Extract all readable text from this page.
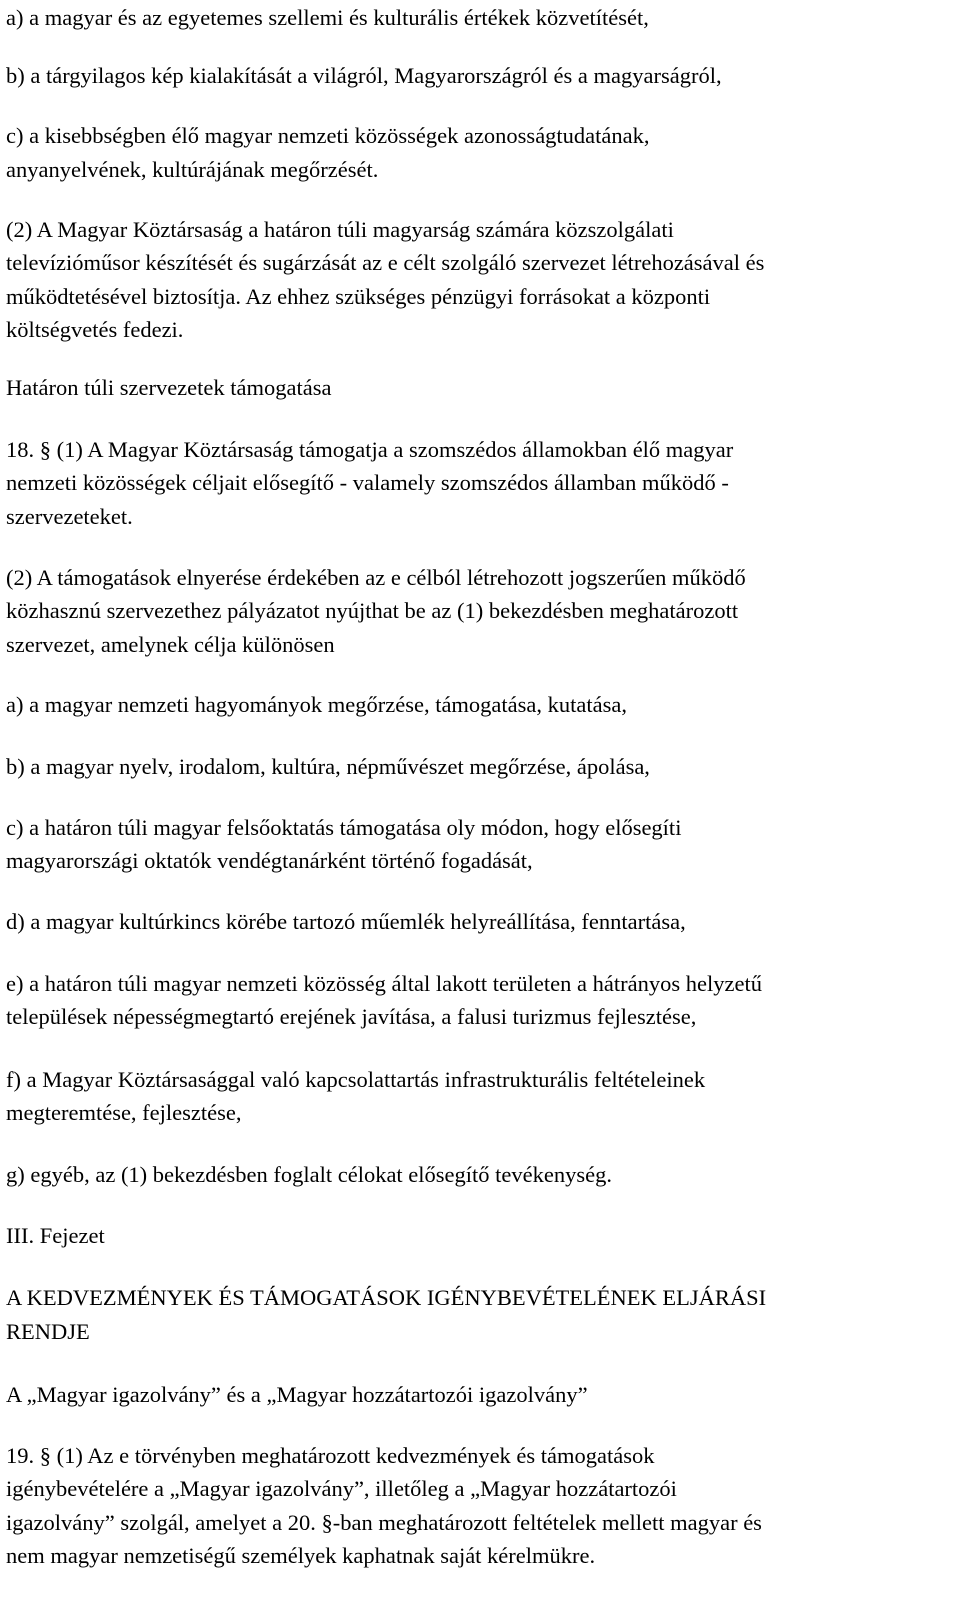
a) a magyar és az egyetemes szellemi és kulturális értékek közvetítését,
b) a tárgyilagos kép kialakítását a világról, Magyarországról és a magyarságról,
c) a kisebbségben élő magyar nemzeti közösségek azonosságtudatának,
anyanyelvének, kultúrájának megőrzését.
(2) A Magyar Köztársaság a határon túli magyarság számára közszolgálati
televízióműsor készítését és sugárzását az e célt szolgáló szervezet létrehozásával és
működtetésével biztosítja. Az ehhez szükséges pénzügyi forrásokat a központi
költségvetés fedezi.
Határon túli szervezetek támogatása
18. § (1) A Magyar Köztársaság támogatja a szomszédos államokban élő magyar
nemzeti közösségek céljait elősegítő - valamely szomszédos államban működő -
szervezeteket.
(2) A támogatások elnyerése érdekében az e célból létrehozott jogszerűen működő
közhasznú szervezethez pályázatot nyújthat be az (1) bekezdésben meghatározott
szervezet, amelynek célja különösen
a) a magyar nemzeti hagyományok megőrzése, támogatása, kutatása,
b) a magyar nyelv, irodalom, kultúra, népművészet megőrzése, ápolása,
c) a határon túli magyar felsőoktatás támogatása oly módon, hogy elősegíti
magyarországi oktatók vendégtanárként történő fogadását,
d) a magyar kultúrkincs körébe tartozó műemlék helyreállítása, fenntartása,
e) a határon túli magyar nemzeti közösség által lakott területen a hátrányos helyzetű
települések népességmegtartó erejének javítása, a falusi turizmus fejlesztése,
f) a Magyar Köztársasággal való kapcsolattartás infrastrukturális feltételeinek
megteremtése, fejlesztése,
g) egyéb, az (1) bekezdésben foglalt célokat elősegítő tevékenység.
III. Fejezet
A KEDVEZMÉNYEK ÉS TÁMOGATÁSOK IGÉNYBEVÉTELÉNEK ELJÁRÁSI
RENDJE
A „Magyar igazolvány” és a „Magyar hozzátartozói igazolvány”
19. § (1) Az e törvényben meghatározott kedvezmények és támogatások
igénybevételére a „Magyar igazolvány”, illetőleg a „Magyar hozzátartozói
igazolvány” szolgál, amelyet a 20. §-ban meghatározott feltételek mellett magyar és
nem magyar nemzetiségű személyek kaphatnak saját kérelmükre.
